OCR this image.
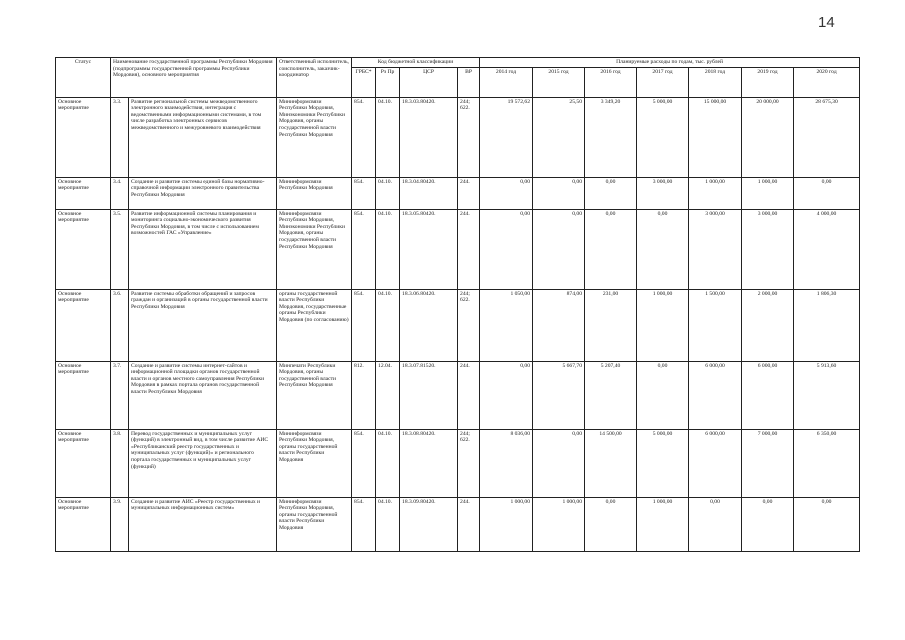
14
Статус	Наименование государственной программы Республики Мордовия (подпрограммы государственной программы Республики Мордовия), основного мероприятия		Ответственный исполнитель, соисполнитель, заказчик-координатор	Код бюджетной классификации				Планируемые расходы по годам, тыс. рублей						
				ГРБС*	Рз Пр	ЦСР	ВР	2014 год	2015 год	2016 год	2017 год	2018 год	2019 год	2020 год
Основное мероприятие	3.3.	Развитие региональной системы межведомственного электронного взаимодействия, интеграция с ведомственными информационными системами, в том числе разработка электронных сервисов межведомственного и межуровневого взаимодействия	Мининформсвязи Республики Мордовия, Минэкономики Республики Мордовия, органы государственной власти Республики Мордовия	854.	04.10.	18.3.03.80420.	244; 622.	19 572,62	25,50	3 349,20	5 000,00	15 000,00	20 000,00	28 675,30
Основное мероприятие	3.4.	Создание и развитие системы единой базы нормативно-справочной информации электронного правительства Республики Мордовия	Мининформсвязи Республики Мордовия	854.	04.10.	18.3.04.80420.	244.	0,00	0,00	0,00	3 000,00	1 000,00	1 000,00	0,00
Основное мероприятие	3.5.	Развитие информационной системы планирования и мониторинга социально-экономического развития Республики Мордовия, в том числе с использованием возможностей ГАС «Управление»	Мининформсвязи Республики Мордовия, Минэкономики Республики Мордовия, органы государственной власти Республики Мордовия	854.	04.10.	18.3.05.80420.	244.	0,00	0,00	0,00	0,00	3 000,00	3 000,00	4 000,00
Основное мероприятие	3.6.	Развитие системы обработки обращений и запросов граждан и организаций в органы государственной власти Республики Мордовия	органы государственной власти Республики Мордовия, государственные органы Республики Мордовия (по согласованию)	854.	04.10.	18.3.06.80420.	244; 622.	1 050,00	874,00	231,00	1 000,00	1 500,00	2 000,00	1 806,30
Основное мероприятие	3.7.	Создание и развитие системы интернет-сайтов и информационной площадки органов государственной власти и органов местного самоуправления Республики Мордовия в рамках портала органов государственной власти Республики Мордовия	Минпечати Республики Мордовия, органы государственной власти Республики Мордовия	812.	12.04.	18.3.07.81520.	244.	0,00	5 667,70	5 207,40	0,00	6 000,00	6 000,00	5 913,60
Основное мероприятие	3.8.	Перевод государственных и муниципальных услуг (функций) в электронный вид, в том числе развитие АИС «Республиканский реестр государственных и муниципальных услуг (функций)» и регионального портала государственных и муниципальных услуг (функций)	Мининформсвязи Республики Мордовия, органы государственной власти Республики Мордовия	854.	04.10.	18.3.08.80420.	244; 622.	8 036,00	0,00	14 500,00	5 000,00	6 000,00	7 000,00	6 350,00
Основное мероприятие	3.9.	Создание и развитие АИС «Реестр государственных и муниципальных информационных систем»	Мининформсвязи Республики Мордовия, органы государственной власти Республики Мордовия	854.	04.10.	18.3.09.80420.	244.	1 000,00	1 000,00	0,00	1 000,00	0,00	0,00	0,00
